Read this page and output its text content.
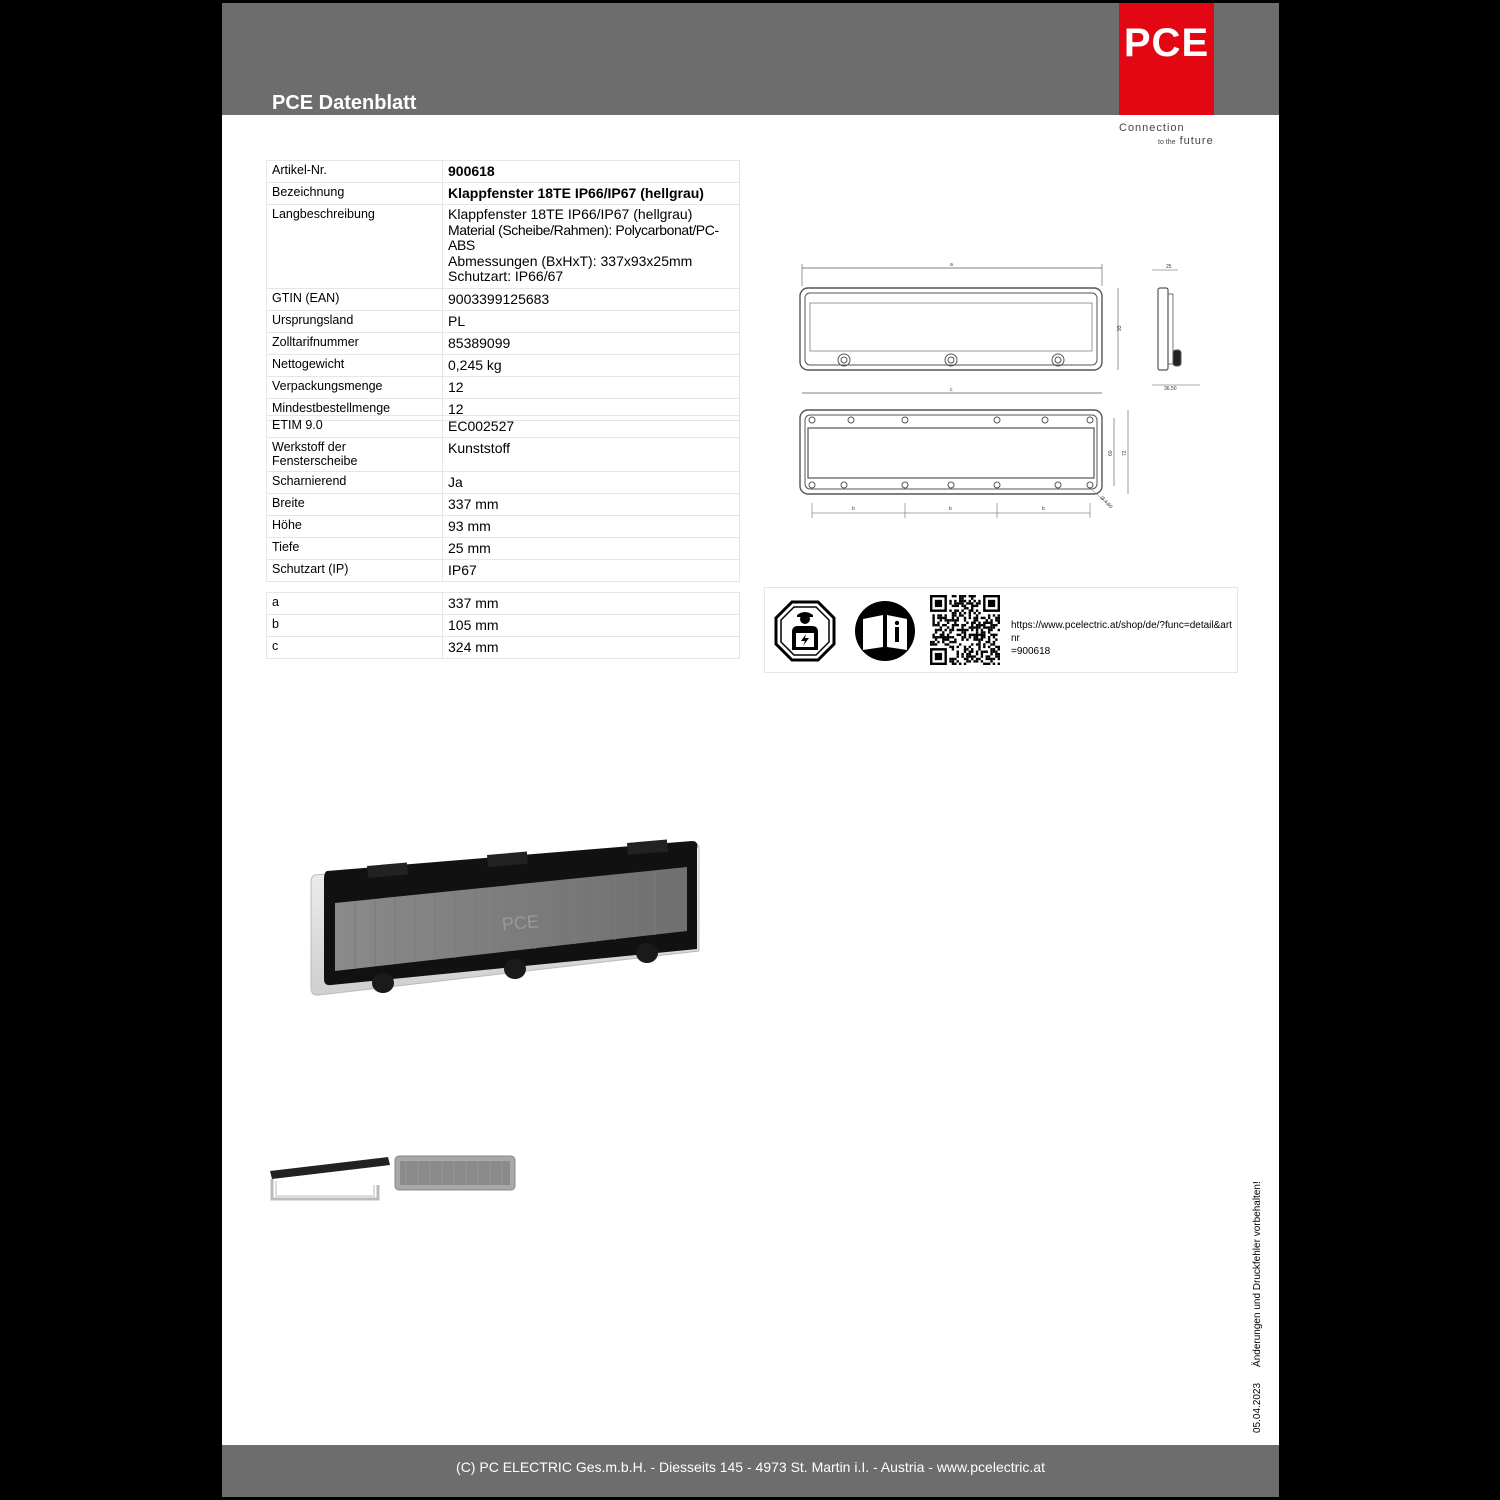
PCE Datenblatt
PCE
Connection
to the future
Artikel-Nr.	900618
Bezeichnung	Klappfenster 18TE IP66/IP67 (hellgrau)
Langbeschreibung	Klappfenster 18TE IP66/IP67 (hellgrau)
Material (Scheibe/Rahmen): Polycarbonat/PC-ABS
Abmessungen (BxHxT): 337x93x25mm
Schutzart: IP66/67

GTIN (EAN)	9003399125683
Ursprungsland	PL
Zolltarifnummer	85389099
Nettogewicht	0,245 kg
Verpackungsmenge	12
Mindestbestellmenge	12
ETIM 9.0	EC002527

Werkstoff der
Fensterscheibe	Kunststoff
Scharnierend	Ja
Breite	337 mm
Höhe	93 mm
Tiefe	25 mm
Schutzart (IP)	IP67
a	337 mm
b	105 mm
c	324 mm
a
c
b	b	b
93
25
36,50
60 72
Ø 4,50
https://www.pcelectric.at/shop/de/?func=detail&artnr
=900618
PCE
05.04.2023Änderungen und Druckfehler vorbehalten!
(C) PC ELECTRIC Ges.m.b.H. - Diesseits 145 - 4973 St. Martin i.I. - Austria - www.pcelectric.at
